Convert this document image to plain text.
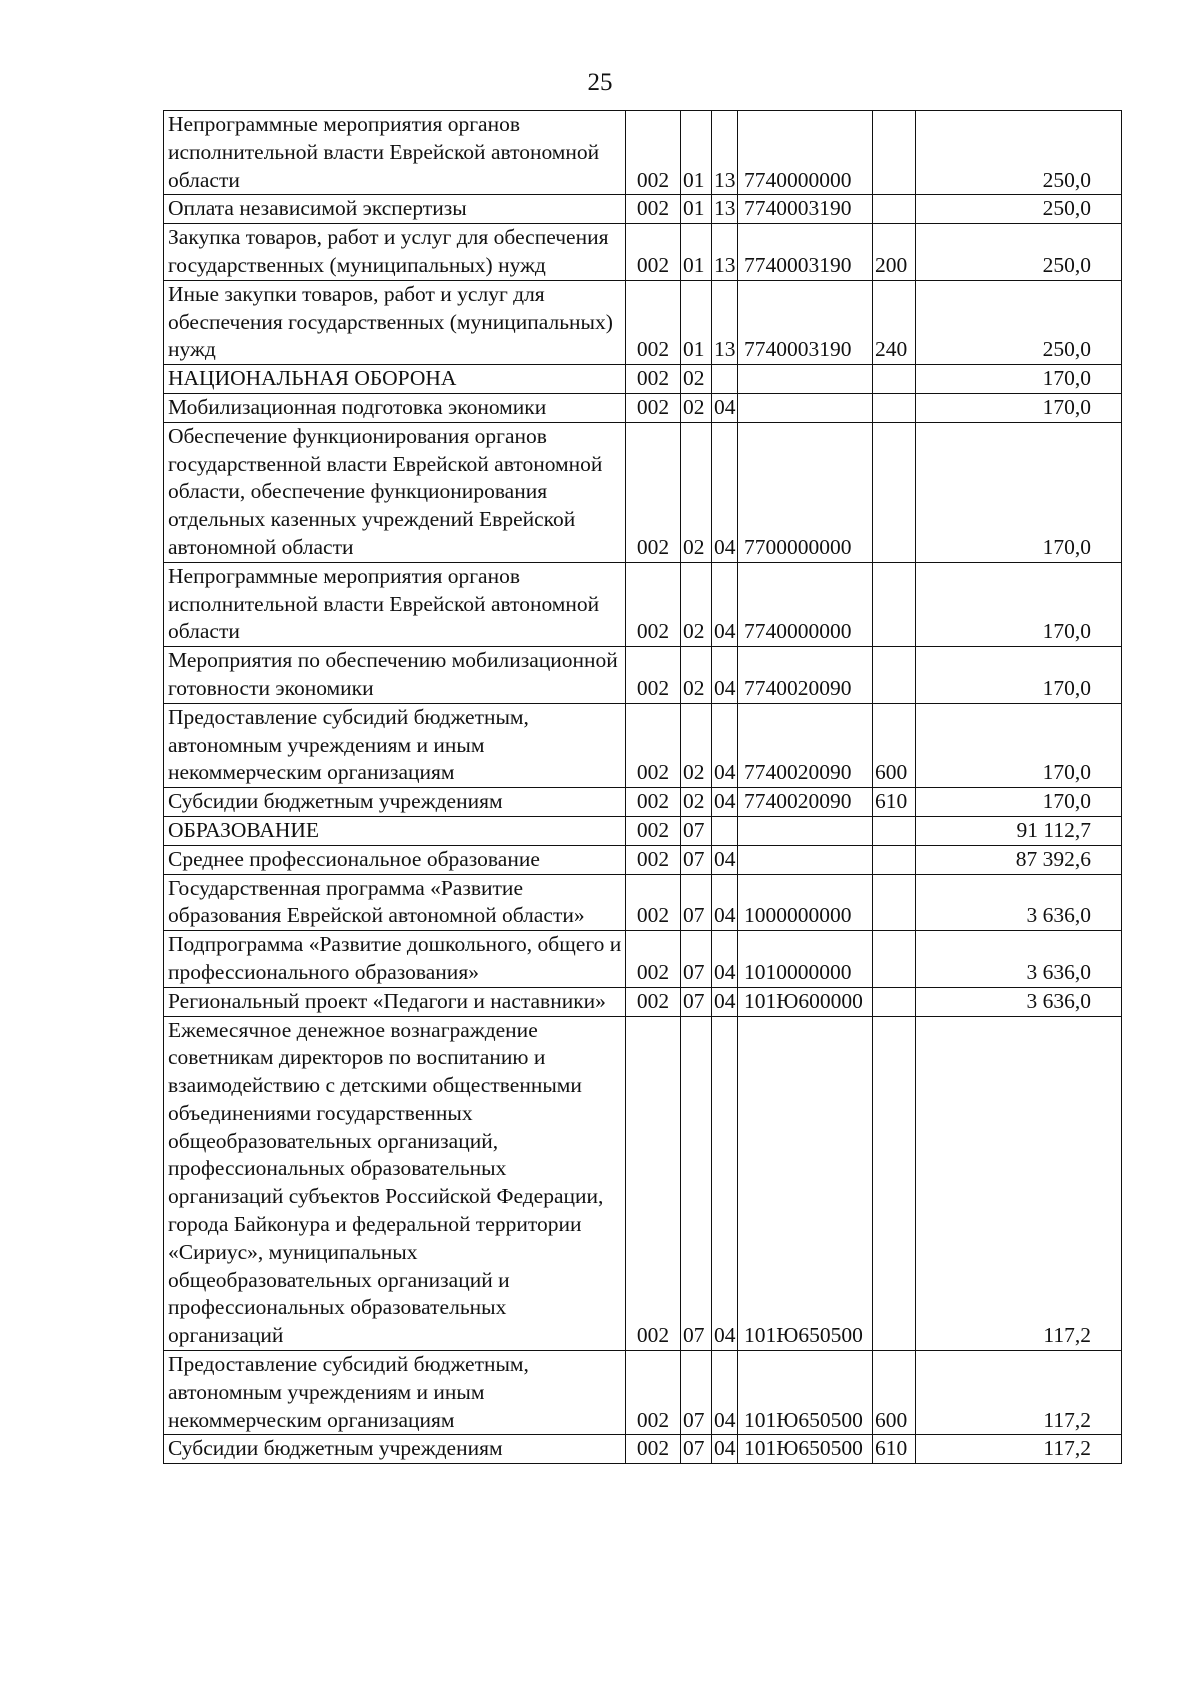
25
Непрограммные мероприятия органов исполнительной власти Еврейской автономной области	002	01	13	7740000000		250,0
Оплата независимой экспертизы	002	01	13	7740003190		250,0
Закупка товаров, работ и услуг для обеспечения государственных (муниципальных) нужд	002	01	13	7740003190	200	250,0
Иные закупки товаров, работ и услуг для обеспечения государственных (муниципальных) нужд	002	01	13	7740003190	240	250,0
НАЦИОНАЛЬНАЯ ОБОРОНА	002	02				170,0
Мобилизационная подготовка экономики	002	02	04			170,0
Обеспечение функционирования органов государственной власти Еврейской автономной области, обеспечение функционирования отдельных казенных учреждений Еврейской автономной области	002	02	04	7700000000		170,0
Непрограммные мероприятия органов исполнительной власти Еврейской автономной области	002	02	04	7740000000		170,0
Мероприятия по обеспечению мобилизационной готовности экономики	002	02	04	7740020090		170,0
Предоставление субсидий бюджетным, автономным учреждениям и иным некоммерческим организациям	002	02	04	7740020090	600	170,0
Субсидии бюджетным учреждениям	002	02	04	7740020090	610	170,0
ОБРАЗОВАНИЕ	002	07				91 112,7
Среднее профессиональное образование	002	07	04			87 392,6
Государственная программа «Развитие образования Еврейской автономной области»	002	07	04	1000000000		3 636,0
Подпрограмма «Развитие дошкольного, общего и профессионального образования»	002	07	04	1010000000		3 636,0
Региональный проект «Педагоги и наставники»	002	07	04	101Ю600000		3 636,0
Ежемесячное денежное вознаграждение советникам директоров по воспитанию и взаимодействию с детскими общественными объединениями государственных общеобразовательных организаций, профессиональных образовательных организаций субъектов Российской Федерации, города Байконура и федеральной территории «Сириус», муниципальных общеобразовательных организаций и профессиональных образовательных организаций	002	07	04	101Ю650500		117,2
Предоставление субсидий бюджетным, автономным учреждениям и иным некоммерческим организациям	002	07	04	101Ю650500	600	117,2
Субсидии бюджетным учреждениям	002	07	04	101Ю650500	610	117,2
